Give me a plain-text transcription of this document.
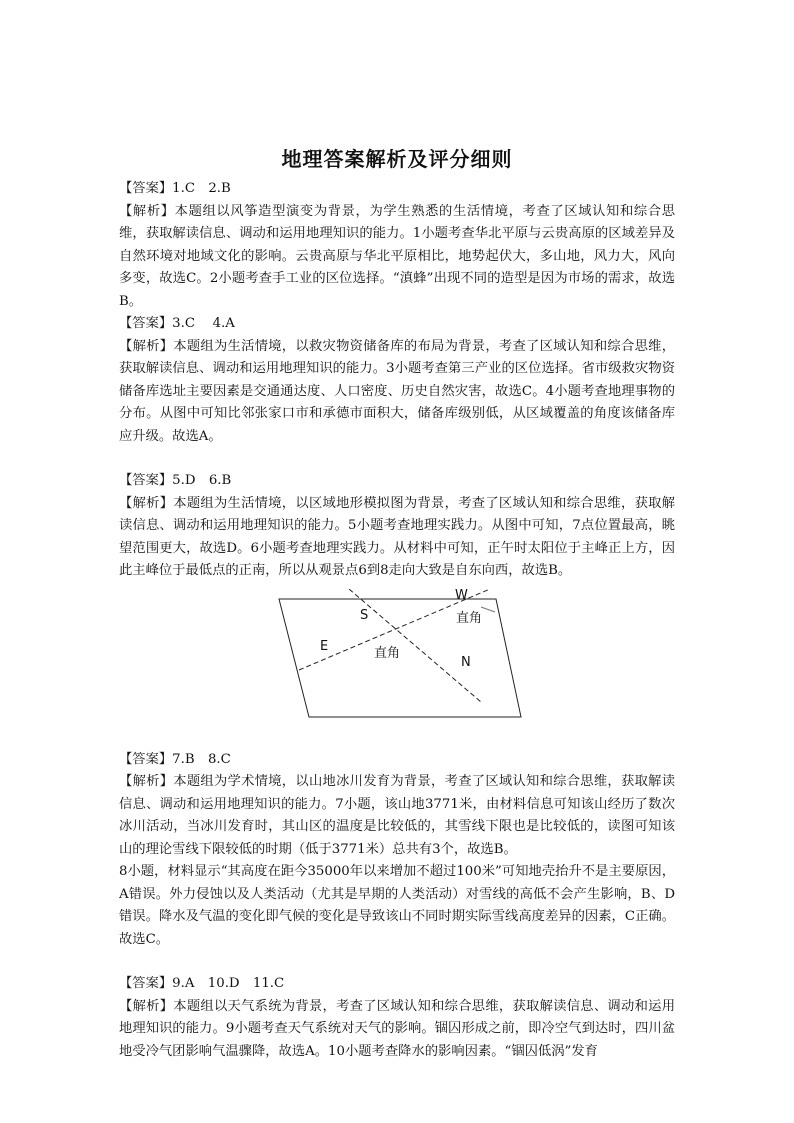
地理答案解析及评分细则

【答案】1.C　2.B

【解析】本题组以风筝造型演变为背景，为学生熟悉的生活情境，考查了区域认知和综合思维，获取解读信息、调动和运用地理知识的能力。1小题考查华北平原与云贵高原的区域差异及自然环境对地域文化的影响。云贵高原与华北平原相比，地势起伏大，多山地，风力大，风向多变，故选C。2小题考查手工业的区位选择。“滇蜂”出现不同的造型是因为市场的需求，故选B。

【答案】3.C　 4.A

【解析】本题组为生活情境，以救灾物资储备库的布局为背景，考查了区域认知和综合思维，获取解读信息、调动和运用地理知识的能力。3小题考查第三产业的区位选择。省市级救灾物资储备库选址主要因素是交通通达度、人口密度、历史自然灾害，故选C。4小题考查地理事物的分布。从图中可知比邻张家口市和承德市面积大，储备库级别低，从区域覆盖的角度该储备库应升级。故选A。

【答案】5.D　6.B

【解析】本题组为生活情境，以区域地形模拟图为背景，考查了区域认知和综合思维，获取解读信息、调动和运用地理知识的能力。5小题考查地理实践力。从图中可知，7点位置最高，眺望范围更大，故选D。6小题考查地理实践力。从材料中可知，正午时太阳位于主峰正上方，因此主峰位于最低点的正南，所以从观景点6到8走向大致是自东向西，故选B。

W
S
E
N
直角
直角

【答案】7.B　8.C

【解析】本题组为学术情境，以山地冰川发育为背景，考查了区域认知和综合思维，获取解读信息、调动和运用地理知识的能力。7小题，该山地3771米，由材料信息可知该山经历了数次冰川活动，当冰川发育时，其山区的温度是比较低的，其雪线下限也是比较低的，读图可知该山的理论雪线下限较低的时期（低于3771米）总共有3个，故选B。

8小题，材料显示“其高度在距今35000年以来增加不超过100米”可知地壳抬升不是主要原因，A错误。外力侵蚀以及人类活动（尤其是早期的人类活动）对雪线的高低不会产生影响，B、D错误。降水及气温的变化即气候的变化是导致该山不同时期实际雪线高度差异的因素，C正确。故选C。

【答案】9.A　10.D　11.C

【解析】本题组以天气系统为背景，考查了区域认知和综合思维，获取解读信息、调动和运用地理知识的能力。9小题考查天气系统对天气的影响。锢囚形成之前，即冷空气到达时，四川盆地受冷气团影响气温骤降，故选A。10小题考查降水的影响因素。“锢囚低涡”发育
